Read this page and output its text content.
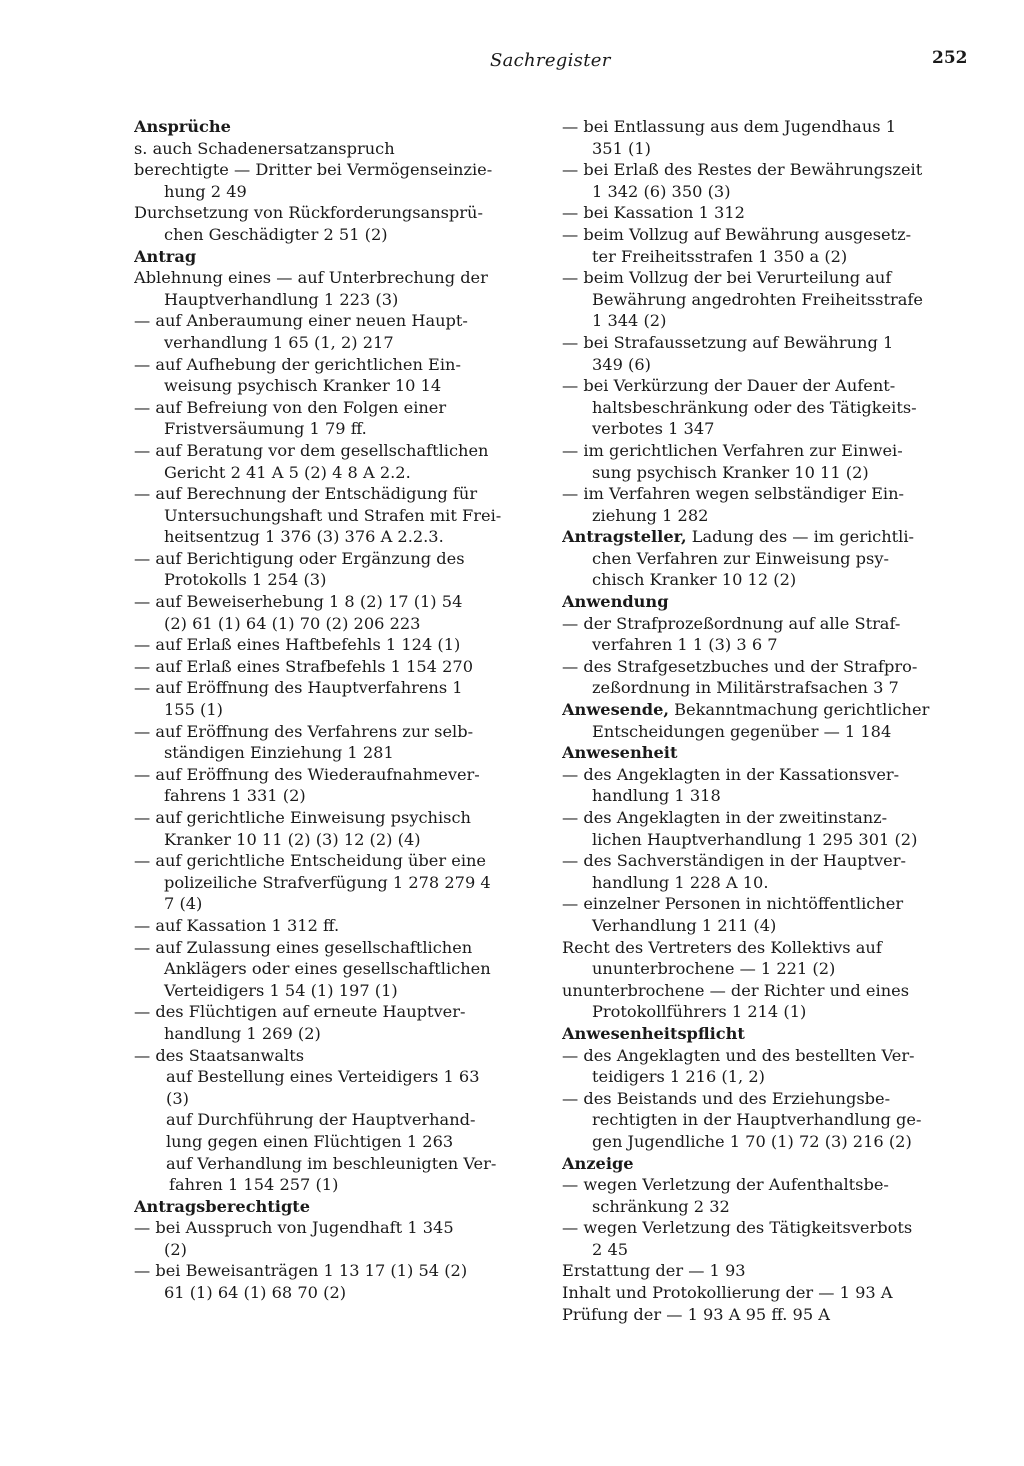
Sachregister	252
Ansprüche
s. auch Schadenersatzanspruch
berechtigte — Dritter bei Vermögenseinzie-
hung 2 49
Durchsetzung von Rückforderungsansprü-
chen Geschädigter 2 51 (2)
Antrag
Ablehnung eines — auf Unterbrechung der
Hauptverhandlung 1 223 (3)
— auf Anberaumung einer neuen Haupt-
verhandlung 1 65 (1, 2) 217
— auf Aufhebung der gerichtlichen Ein-
weisung psychisch Kranker 10 14
— auf Befreiung von den Folgen einer
Fristversäumung 1 79 ff.
— auf Beratung vor dem gesellschaftlichen
Gericht 2 41 A 5 (2) 4 8 A 2.2.
— auf Berechnung der Entschädigung für
Untersuchungshaft und Strafen mit Frei-
heitsentzug 1 376 (3) 376 A 2.2.3.
— auf Berichtigung oder Ergänzung des
Protokolls 1 254 (3)
— auf Beweiserhebung 1 8 (2) 17 (1) 54
(2) 61 (1) 64 (1) 70 (2) 206 223
— auf Erlaß eines Haftbefehls 1 124 (1)
— auf Erlaß eines Strafbefehls 1 154 270
— auf Eröffnung des Hauptverfahrens 1
155 (1)
— auf Eröffnung des Verfahrens zur selb-
ständigen Einziehung 1 281
— auf Eröffnung des Wiederaufnahmever-
fahrens 1 331 (2)
— auf gerichtliche Einweisung psychisch
Kranker 10 11 (2) (3) 12 (2) (4)
— auf gerichtliche Entscheidung über eine
polizeiliche Strafverfügung 1 278 279 4
7 (4)
— auf Kassation 1 312 ff.
— auf Zulassung eines gesellschaftlichen
Anklägers oder eines gesellschaftlichen
Verteidigers 1 54 (1) 197 (1)
— des Flüchtigen auf erneute Hauptver-
handlung 1 269 (2)
— des Staatsanwalts
auf Bestellung eines Verteidigers 1 63
(3)
auf Durchführung der Hauptverhand-
lung gegen einen Flüchtigen 1 263
auf Verhandlung im beschleunigten Ver-
fahren 1 154 257 (1)
Antragsberechtigte
— bei Ausspruch von Jugendhaft 1 345
(2)
— bei Beweisanträgen 1 13 17 (1) 54 (2)
61 (1) 64 (1) 68 70 (2)
— bei Entlassung aus dem Jugendhaus 1
351 (1)
— bei Erlaß des Restes der Bewährungszeit
1 342 (6) 350 (3)
— bei Kassation 1 312
— beim Vollzug auf Bewährung ausgesetz-
ter Freiheitsstrafen 1 350 a (2)
— beim Vollzug der bei Verurteilung auf
Bewährung angedrohten Freiheitsstrafe
1 344 (2)
— bei Strafaussetzung auf Bewährung 1
349 (6)
— bei Verkürzung der Dauer der Aufent-
haltsbeschränkung oder des Tätigkeits-
verbotes 1 347
— im gerichtlichen Verfahren zur Einwei-
sung psychisch Kranker 10 11 (2)
— im Verfahren wegen selbständiger Ein-
ziehung 1 282
Antragsteller, Ladung des — im gerichtli-
chen Verfahren zur Einweisung psy-
chisch Kranker 10 12 (2)
Anwendung
— der Strafprozeßordnung auf alle Straf-
verfahren 1 1 (3) 3 6 7
— des Strafgesetzbuches und der Strafpro-
zeßordnung in Militärstrafsachen 3 7
Anwesende, Bekanntmachung gerichtlicher
Entscheidungen gegenüber — 1 184
Anwesenheit
— des Angeklagten in der Kassationsver-
handlung 1 318
— des Angeklagten in der zweitinstanz-
lichen Hauptverhandlung 1 295 301 (2)
— des Sachverständigen in der Hauptver-
handlung 1 228 A 10.
— einzelner Personen in nichtöffentlicher
Verhandlung 1 211 (4)
Recht des Vertreters des Kollektivs auf
ununterbrochene — 1 221 (2)
ununterbrochene — der Richter und eines
Protokollführers 1 214 (1)
Anwesenheitspflicht
— des Angeklagten und des bestellten Ver-
teidigers 1 216 (1, 2)
— des Beistands und des Erziehungsbe-
rechtigten in der Hauptverhandlung ge-
gen Jugendliche 1 70 (1) 72 (3) 216 (2)
Anzeige
— wegen Verletzung der Aufenthaltsbe-
schränkung 2 32
— wegen Verletzung des Tätigkeitsverbots
2 45
Erstattung der — 1 93
Inhalt und Protokollierung der — 1 93 A
Prüfung der — 1 93 A 95 ff. 95 A
